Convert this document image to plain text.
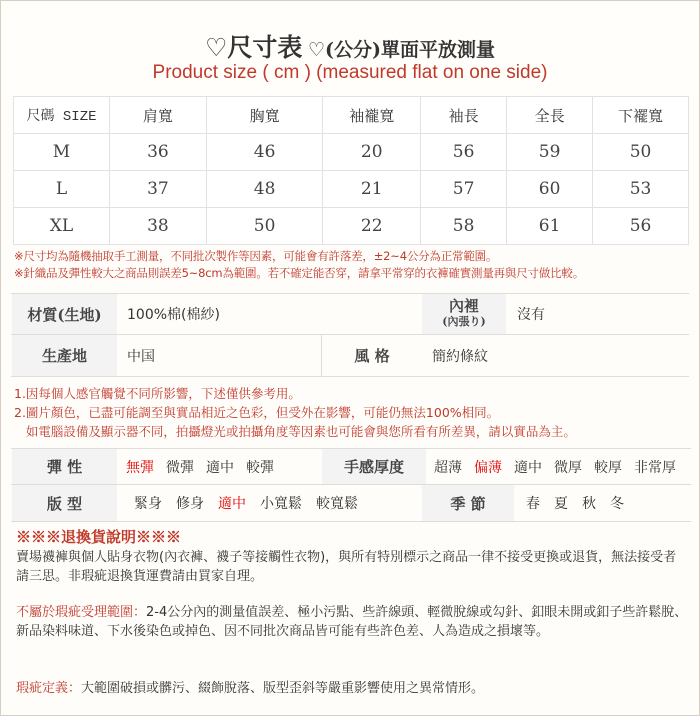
♡尺寸表 ♡(公分)單面平放測量
Product size ( cm ) (measured flat on one side)
尺碼 SIZE	肩寬	胸寬	袖襱寬	袖長	全長	下襬寬
M	36	46	20	56	59	50
L	37	48	21	57	60	53
XL	38	50	22	58	61	56
※尺寸均為隨機抽取手工測量，不同批次製作等因素，可能會有許落差，±2~4公分為正常範圍。
※針織品及彈性較大之商品則誤差5~8cm為範圍。若不確定能否穿，請拿平常穿的衣褲確實測量再與尺寸做比較。
材質(生地)	100%棉(棉紗)	內裡
(內張り)	沒有
生產地	中国	風 格	簡約條紋
1.因每個人感官觸覺不同所影響，下述僅供參考用。
2.圖片顏色，已盡可能調至與實品相近之色彩，但受外在影響，可能仍無法100%相同。
如電腦設備及顯示器不同，拍攝燈光或拍攝角度等因素也可能會與您所看有所差異，請以實品為主。
彈 性	無彈 微彈 適中 較彈	手感厚度	超薄 偏薄 適中 微厚 較厚 非常厚
版 型	緊身 修身 適中 小寬鬆 較寬鬆	季 節	春 夏 秋 冬
※※※退換貨說明※※※
賣場襪褲與個人貼身衣物(內衣褲、襪子等接觸性衣物)，與所有特別標示之商品一律不接受更換或退貨，無法接受者請三思。非瑕疵退換貨運費請由買家自理。
不屬於瑕疵受理範圍：2-4公分內的測量值誤差、極小污點、些許線頭、輕微脫線或勾針、釦眼未開或釦子些許鬆脫、新品染料味道、下水後染色或掉色、因不同批次商品皆可能有些許色差、人為造成之損壞等。
瑕疵定義：大範圍破損或髒污、綴飾脫落、版型歪斜等嚴重影響使用之異常情形。
